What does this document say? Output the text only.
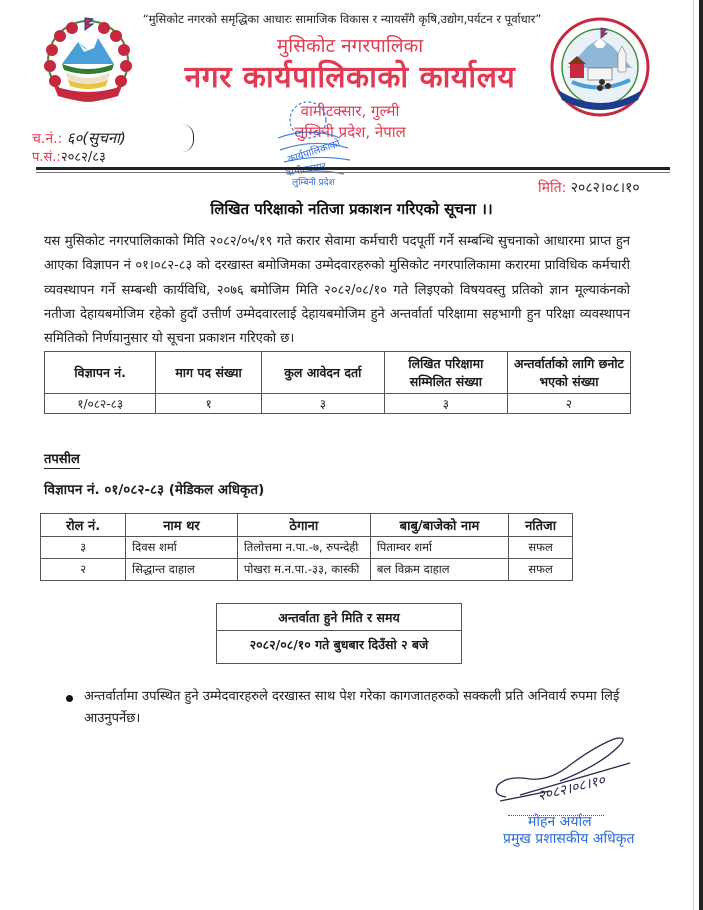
“मुसिकोट नगरको समृद्धिका आधारः सामाजिक विकास र न्यायसँगै कृषि,उद्योग,पर्यटन र पूर्वाधार”
मुसिकोट नगरपालिका
नगर कार्यपालिकाको कार्यालय
वामीटक्सार, गुल्मी
लुम्बिनी प्रदेश, नेपाल
कार्यपालिकाको
लुम्बिनी प्रदेश
च.नं.: ६०(सुचना)
प.सं.:२०८२/८३
मिति: २०८२।०८।१०
लिखित परिक्षाको नतिजा प्रकाशन गरिएको सूचना ।।
यस मुसिकोट नगरपालिकाको मिति २०८२/०५/१९ गते करार सेवामा कर्मचारी पदपूर्ती गर्ने सम्बन्धि सुचनाको आधारमा प्राप्त हुन आएका विज्ञापन नं ०१।०८२-८३ को दरखास्त बमोजिमका उम्मेदवारहरुको मुसिकोट नगरपालिकामा करारमा प्राविधिक कर्मचारी व्यवस्थापन गर्ने सम्बन्धी कार्यविधि, २०७६ बमोजिम मिति २०८२/०८/१० गते लिइएको विषयवस्तु प्रतिको ज्ञान मूल्याकंनको नतीजा देहायबमोजिम रहेको हुदाँ उत्तीर्ण उम्मेदवारलाई देहायबमोजिम हुने अन्तर्वार्ता परिक्षामा सहभागी हुन परिक्षा व्यवस्थापन समितिको निर्णयानुसार यो सूचना प्रकाशन गरिएको छ।
विज्ञापन नं.	माग पद संख्या	कुल आवेदन दर्ता	लिखित परिक्षामा सम्मिलित संख्या	अन्तर्वार्ताको लागि छनोट भएको संख्या
१/०८२-८३	१	३	३	२
तपसील
विज्ञापन नं. ०१/०८२-८३ (मेडिकल अधिकृत)
रोल नं.	नाम थर	ठेगाना	बाबु/बाजेको नाम	नतिजा
३	दिवस शर्मा	तिलोत्तमा न.पा.-७, रुपन्देही	पिताम्वर शर्मा	सफल
२	सिद्धान्त दाहाल	पोखरा म.न.पा.-३३, कास्की	बल विक्रम दाहाल	सफल
अन्तर्वाता हुने मिति र समय
२०८२/०८/१० गते बुधबार दिउँसो २ बजे
अन्तर्वार्तामा उपस्थित हुने उम्मेदवारहरुले दरखास्त साथ पेश गरेका कागजातहरुको सक्कली प्रति अनिवार्य रुपमा लिई आउनुपर्नेछ।
२०८२।०८।१०
मोहन अर्याल
प्रमुख प्रशासकीय अधिकृत
